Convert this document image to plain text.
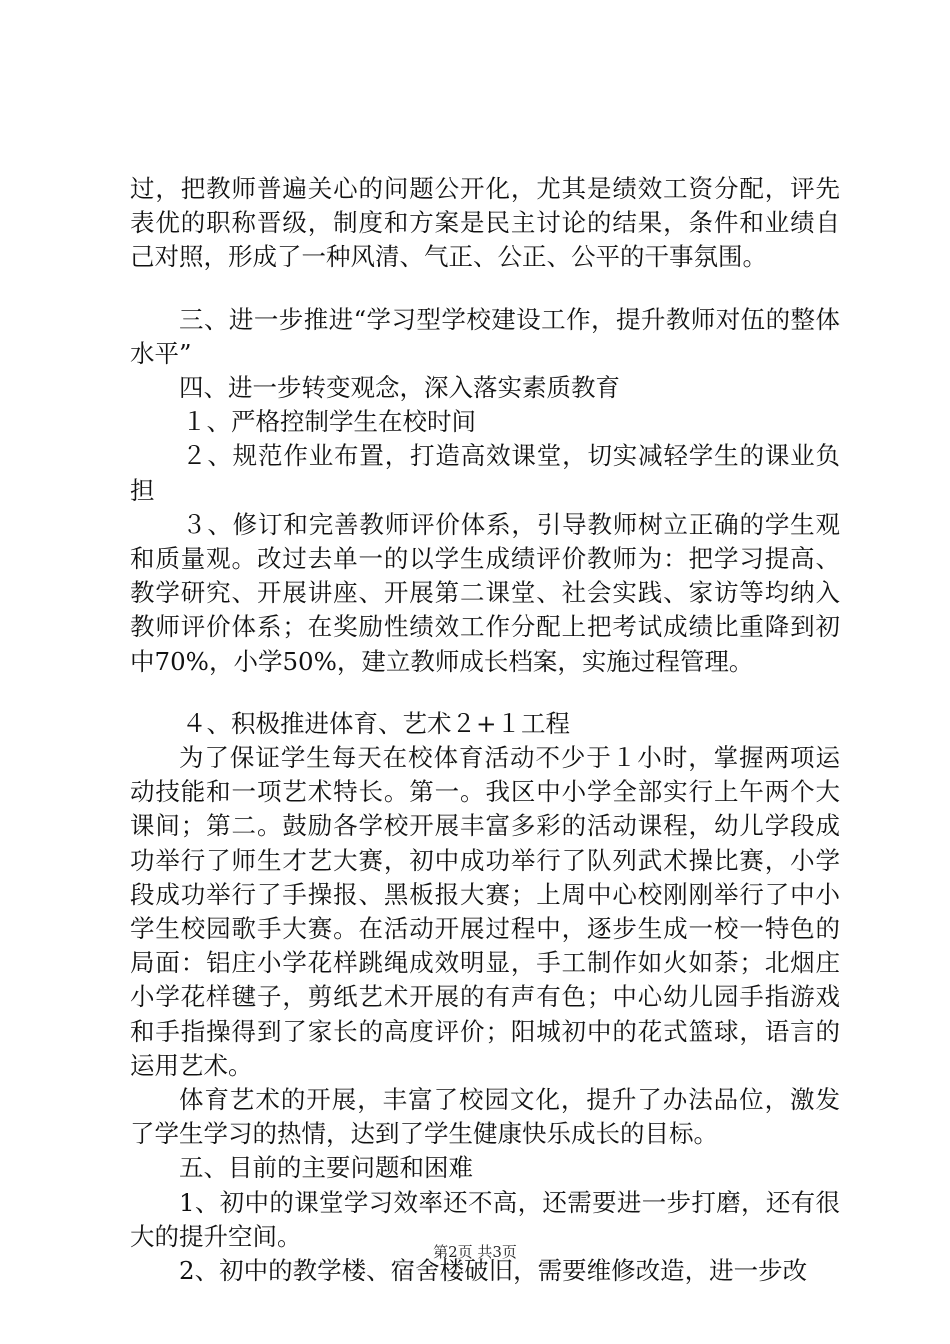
过，把教师普遍关心的问题公开化，尤其是绩效工资分配，评先表优的职称晋级，制度和方案是民主讨论的结果，条件和业绩自己对照，形成了一种风清、气正、公正、公平的干事氛围。

三、进一步推进“学习型学校建设工作，提升教师对伍的整体水平”

四、进一步转变观念，深入落实素质教育

１、严格控制学生在校时间

２、规范作业布置，打造高效课堂，切实减轻学生的课业负担

３、修订和完善教师评价体系，引导教师树立正确的学生观和质量观。改过去单一的以学生成绩评价教师为：把学习提高、教学研究、开展讲座、开展第二课堂、社会实践、家访等均纳入教师评价体系；在奖励性绩效工作分配上把考试成绩比重降到初中70%，小学50%，建立教师成长档案，实施过程管理。

４、积极推进体育、艺术２+１工程

为了保证学生每天在校体育活动不少于１小时，掌握两项运动技能和一项艺术特长。第一。我区中小学全部实行上午两个大课间；第二。鼓励各学校开展丰富多彩的活动课程，幼儿学段成功举行了师生才艺大赛，初中成功举行了队列武术操比赛，小学段成功举行了手操报、黑板报大赛；上周中心校刚刚举行了中小学生校园歌手大赛。在活动开展过程中，逐步生成一校一特色的局面：铝庄小学花样跳绳成效明显，手工制作如火如荼；北烟庄小学花样毽子，剪纸艺术开展的有声有色；中心幼儿园手指游戏和手指操得到了家长的高度评价；阳城初中的花式篮球，语言的运用艺术。

体育艺术的开展，丰富了校园文化，提升了办法品位，激发了学生学习的热情，达到了学生健康快乐成长的目标。

五、目前的主要问题和困难

1、初中的课堂学习效率还不高，还需要进一步打磨，还有很大的提升空间。

2、初中的教学楼、宿舍楼破旧，需要维修改造，进一步改

第2页 共3页
